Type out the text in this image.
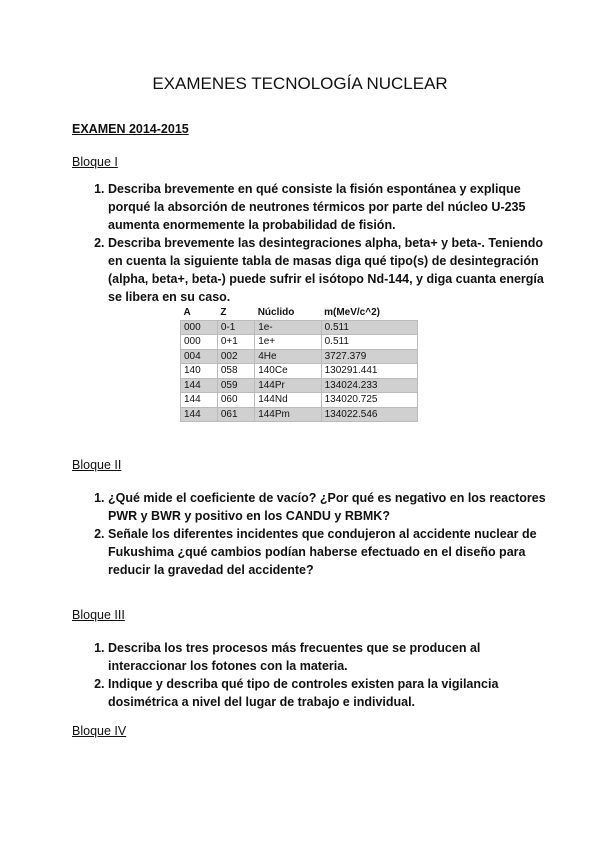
EXAMENES TECNOLOGÍA NUCLEAR
EXAMEN 2014-2015
Bloque I
1. Describa brevemente en qué consiste la fisión espontánea y explique porqué la absorción de neutrones térmicos por parte del núcleo U-235 aumenta enormemente la probabilidad de fisión.
2. Describa brevemente las desintegraciones alpha, beta+ y beta-. Teniendo en cuenta la siguiente tabla de masas diga qué tipo(s) de desintegración (alpha, beta+, beta-) puede sufrir el isótopo Nd-144, y diga cuanta energía se libera en su caso.
A	Z	Núclido	m(MeV/c^2)
000	0-1	1e-	0.511
000	0+1	1e+	0.511
004	002	4He	3727.379
140	058	140Ce	130291.441
144	059	144Pr	134024.233
144	060	144Nd	134020.725
144	061	144Pm	134022.546
Bloque II
1. ¿Qué mide el coeficiente de vacío? ¿Por qué es negativo en los reactores PWR y BWR y positivo en los CANDU y RBMK?
2. Señale los diferentes incidentes que condujeron al accidente nuclear de Fukushima ¿qué cambios podían haberse efectuado en el diseño para reducir la gravedad del accidente?
Bloque III
1. Describa los tres procesos más frecuentes que se producen al interaccionar los fotones con la materia.
2. Indique y describa qué tipo de controles existen para la vigilancia dosimétrica a nivel del lugar de trabajo e individual.
Bloque IV
